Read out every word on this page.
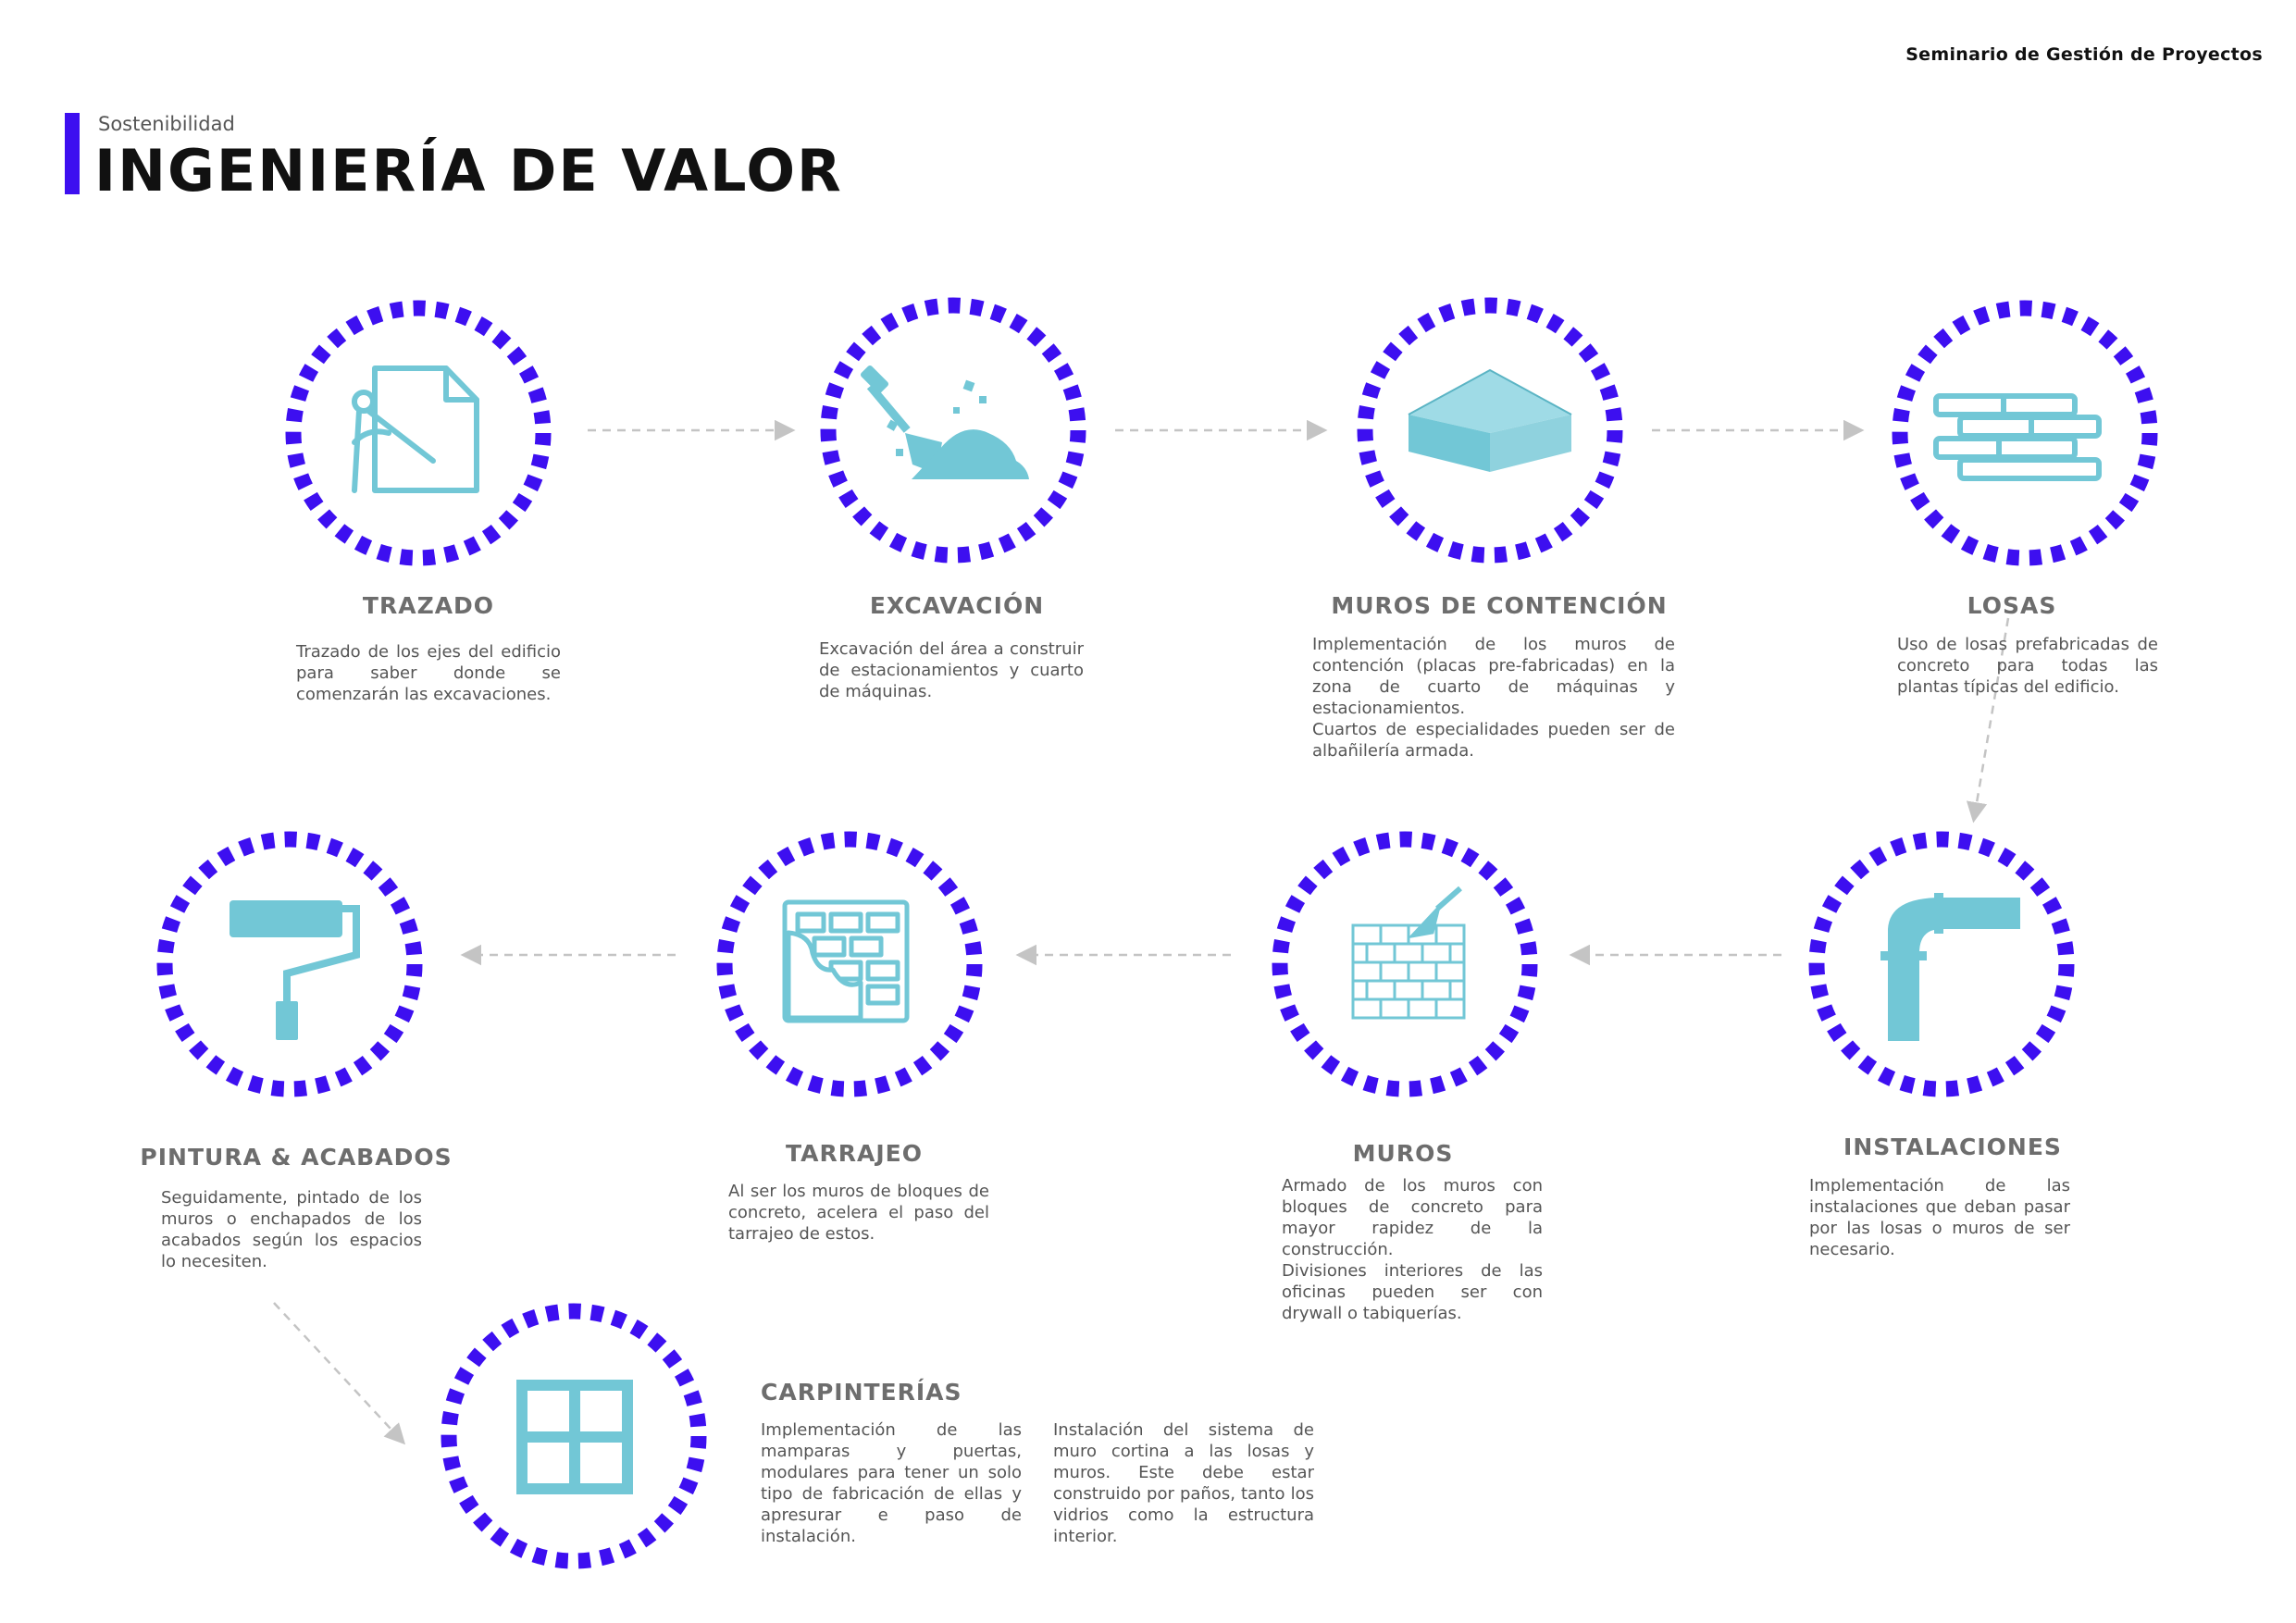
Seminario de Gestión de Proyectos
Sostenibilidad
INGENIERÍA DE VALOR
TRAZADO	EXCAVACIÓN	MUROS DE CONTENCIÓN	LOSAS
INSTALACIONES
MUROS
TARRAJEO
PINTURA & ACABADOS
CARPINTERÍAS

Trazado de los ejes del edificio para saber donde se comenzarán las excavaciones.

Excavación del área a construir de estacionamientos y cuarto de máquinas.

Implementación de los muros de contención (placas pre-fabricadas) en la zona de cuarto de máquinas y estacionamientos.

Cuartos de especialidades pueden ser de albañilería armada.

Uso de losas prefabricadas de concreto para todas las plantas típicas del edificio.

Implementación de las instalaciones que deban pasar por las losas o muros de ser necesario.

Armado de los muros con bloques de concreto para mayor rapidez de la construcción.

Divisiones interiores de las oficinas pueden ser con drywall o tabiquerías.

Al ser los muros de bloques de concreto, acelera el paso del tarrajeo de estos.

Seguidamente, pintado de los muros o enchapados de los acabados según los espacios lo necesiten.

Implementación de las mamparas y puertas, modulares para tener un solo tipo de fabricación de ellas y apresurar e paso de instalación.

Instalación del sistema de muro cortina a las losas y muros. Este debe estar construido por paños, tanto los vidrios como la estructura interior.
